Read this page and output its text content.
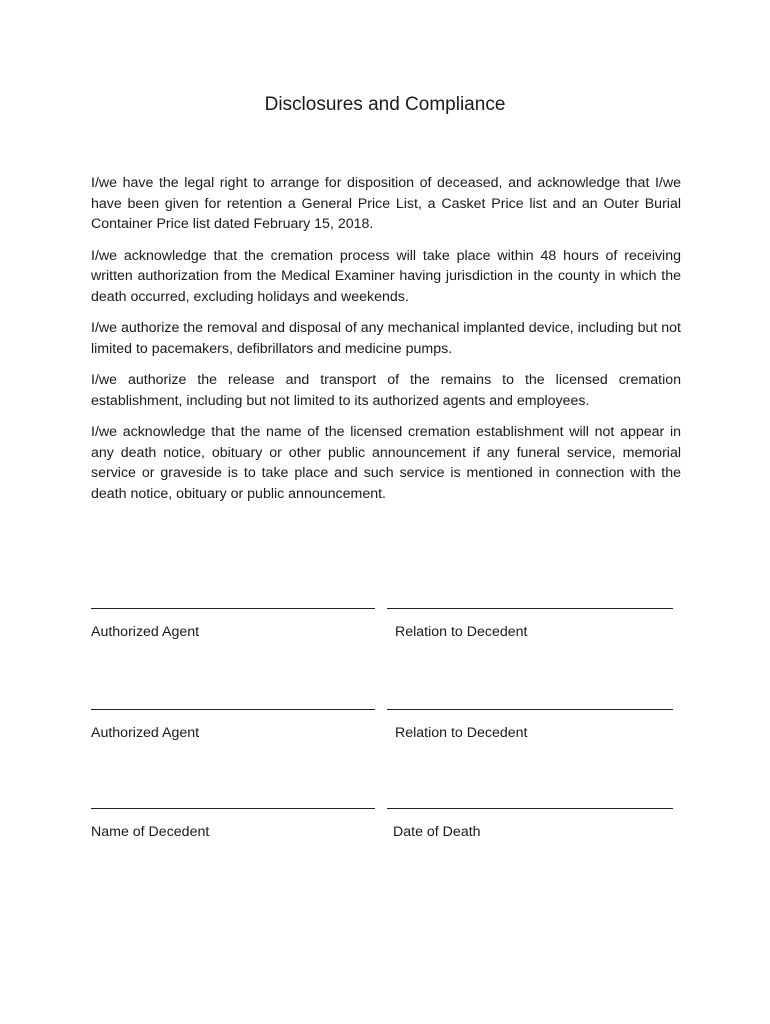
Disclosures and Compliance

I/we have the legal right to arrange for disposition of deceased, and acknowledge that I/we have been given for retention a General Price List, a Casket Price list and an Outer Burial Container Price list dated February 15, 2018.

I/we acknowledge that the cremation process will take place within 48 hours of receiving written authorization from the Medical Examiner having jurisdiction in the county in which the death occurred, excluding holidays and weekends.

I/we authorize the removal and disposal of any mechanical implanted device, including but not limited to pacemakers, defibrillators and medicine pumps.

I/we authorize the release and transport of the remains to the licensed cremation establishment, including but not limited to its authorized agents and employees.

I/we acknowledge that the name of the licensed cremation establishment will not appear in any death notice, obituary or other public announcement if any funeral service, memorial service or graveside is to take place and such service is mentioned in connection with the death notice, obituary or public announcement.

Authorized Agent	Relation to Decedent
Authorized Agent	Relation to Decedent
Name of Decedent	Date of Death
